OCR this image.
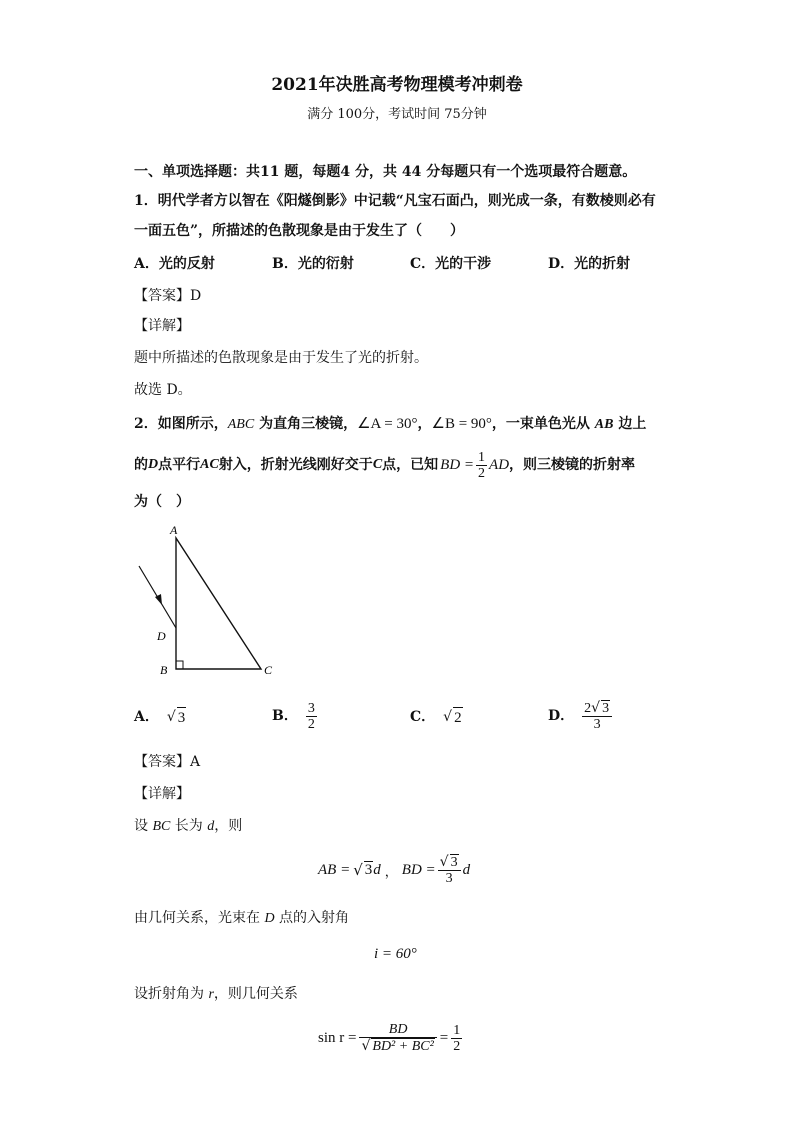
2021年决胜高考物理模考冲刺卷
满分 100分，考试时间 75分钟
一、单项选择题：共11 题，每题4 分，共 44 分每题只有一个选项最符合题意。
1．明代学者方以智在《阳燧倒影》中记载“凡宝石面凸，则光成一条，有数棱则必有
一面五色”，所描述的色散现象是由于发生了（　　）
A．光的反射	B．光的衍射	C．光的干涉	D．光的折射
【答案】D
【详解】
题中所描述的色散现象是由于发生了光的折射。
故选 D。
2．如图所示，ABC 为直角三棱镜，∠A = 30°，∠B = 90°，一束单色光从 AB 边上
的 D 点平行 AC 射入，折射光线刚好交于 C 点，已知 BD = $\frac{1}{2}$ AD ，则三棱镜的折射率
为（　）
A
B	C
D
A． √ 3	B． $\frac{3}{2}$	C． √ 2	D． $\frac{2√ 3}{3}$
【答案】A
【详解】
设 BC 长为 d，则
AB = √ 3 d ， BD = $\frac{√ 3}{3}$ d
由几何关系，光束在 D 点的入射角
i = 60°
设折射角为 r，则几何关系
$\sin r = \frac{BD}{\text{√ BD² + BC²}} = \frac{1}{2}$
